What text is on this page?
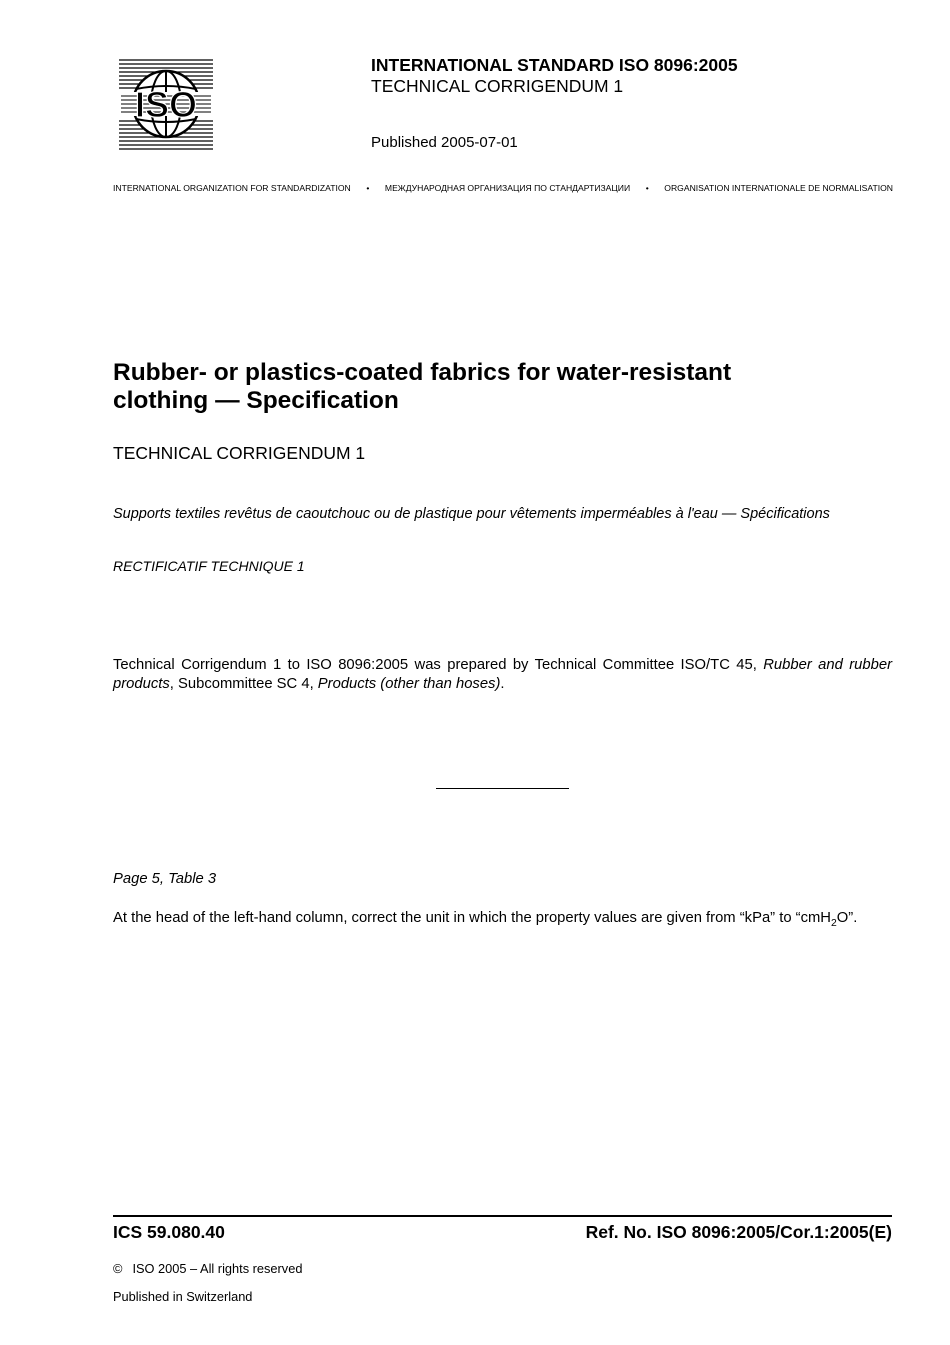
ISO
INTERNATIONAL STANDARD ISO 8096:2005
TECHNICAL CORRIGENDUM 1
Published 2005-07-01
INTERNATIONAL ORGANIZATION FOR STANDARDIZATION • МЕЖДУНАРОДНАЯ ОРГАНИЗАЦИЯ ПО СТАНДАРТИЗАЦИИ • ORGANISATION INTERNATIONALE DE NORMALISATION
Rubber- or plastics-coated fabrics for water-resistant clothing — Specification
TECHNICAL CORRIGENDUM 1
Supports textiles revêtus de caoutchouc ou de plastique pour vêtements imperméables à l'eau — Spécifications
RECTIFICATIF TECHNIQUE 1
Technical Corrigendum 1 to ISO 8096:2005 was prepared by Technical Committee ISO/TC 45, Rubber and rubber products, Subcommittee SC 4, Products (other than hoses).
Page 5, Table 3
At the head of the left-hand column, correct the unit in which the property values are given from “kPa” to “cmH$_2$O”.
ICS 59.080.40	Ref. No. ISO 8096:2005/Cor.1:2005(E)
© ISO 2005 – All rights reserved
Published in Switzerland
